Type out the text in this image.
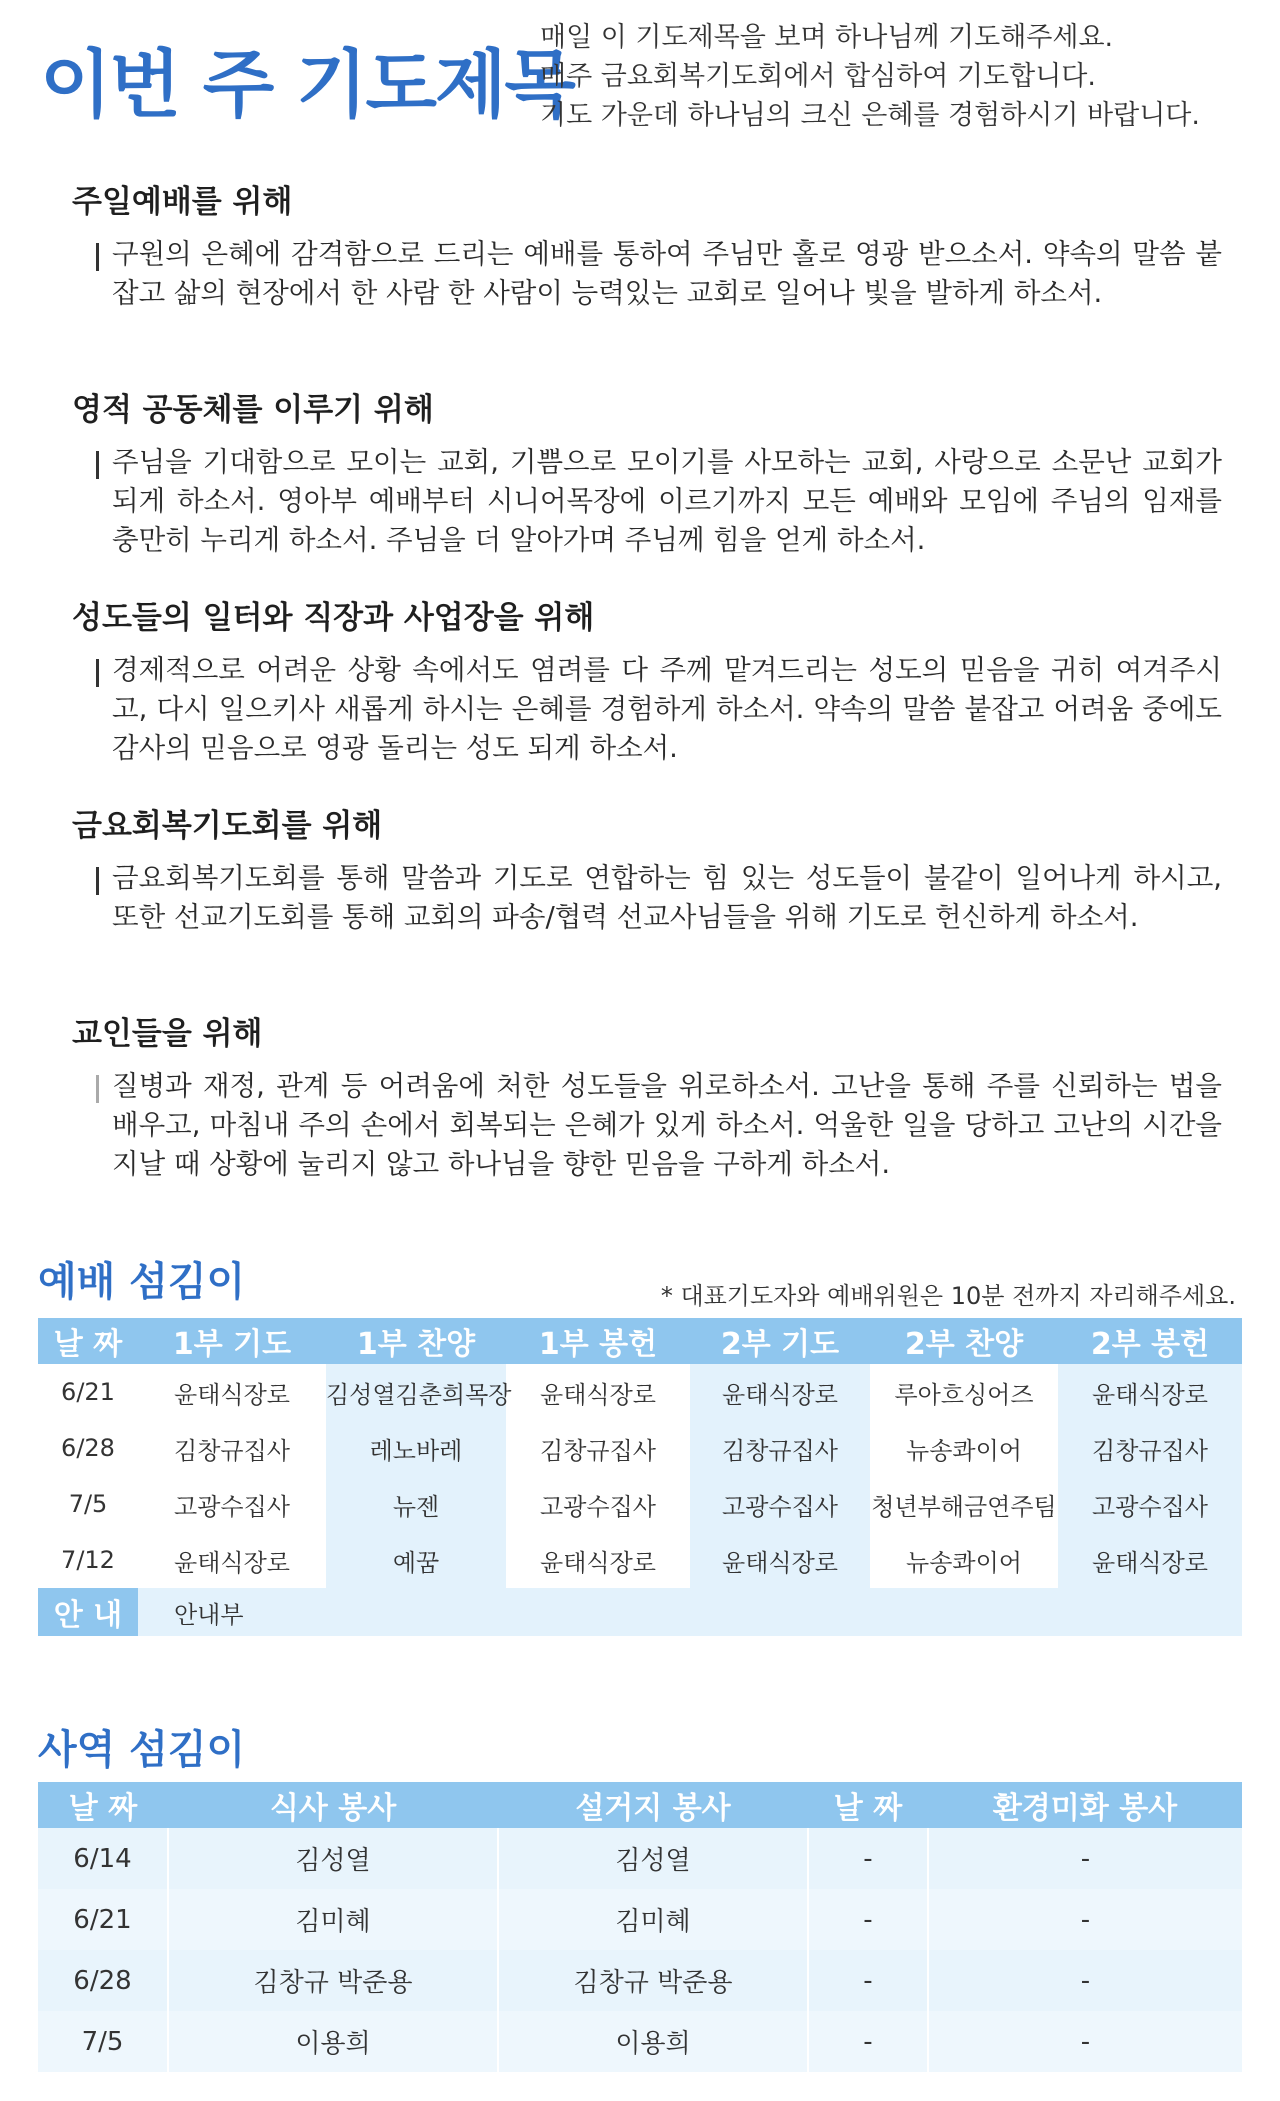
이번 주 기도제목
매일 이 기도제목을 보며 하나님께 기도해주세요.
매주 금요회복기도회에서 합심하여 기도합니다.
기도 가운데 하나님의 크신 은혜를 경험하시기 바랍니다.
주일예배를 위해
구원의 은혜에 감격함으로 드리는 예배를 통하여 주님만 홀로 영광 받으소서. 약속의 말씀 붙잡고 삶의 현장에서 한 사람 한 사람이 능력있는 교회로 일어나 빛을 발하게 하소서.
영적 공동체를 이루기 위해
주님을 기대함으로 모이는 교회, 기쁨으로 모이기를 사모하는 교회, 사랑으로 소문난 교회가 되게 하소서. 영아부 예배부터 시니어목장에 이르기까지 모든 예배와 모임에 주님의 임재를 충만히 누리게 하소서. 주님을 더 알아가며 주님께 힘을 얻게 하소서.
성도들의 일터와 직장과 사업장을 위해
경제적으로 어려운 상황 속에서도 염려를 다 주께 맡겨드리는 성도의 믿음을 귀히 여겨주시고, 다시 일으키사 새롭게 하시는 은혜를 경험하게 하소서. 약속의 말씀 붙잡고 어려움 중에도 감사의 믿음으로 영광 돌리는 성도 되게 하소서.
금요회복기도회를 위해
금요회복기도회를 통해 말씀과 기도로 연합하는 힘 있는 성도들이 불같이 일어나게 하시고, 또한 선교기도회를 통해 교회의 파송/협력 선교사님들을 위해 기도로 헌신하게 하소서.
교인들을 위해
질병과 재정, 관계 등 어려움에 처한 성도들을 위로하소서. 고난을 통해 주를 신뢰하는 법을 배우고, 마침내 주의 손에서 회복되는 은혜가 있게 하소서. 억울한 일을 당하고 고난의 시간을 지날 때 상황에 눌리지 않고 하나님을 향한 믿음을 구하게 하소서.
예배 섬김이	* 대표기도자와 예배위원은 10분 전까지 자리해주세요.
날 짜	1부 기도	1부 찬양	1부 봉헌	2부 기도	2부 찬양	2부 봉헌
6/21	윤태식장로	김성열김춘희목장	윤태식장로	윤태식장로	루아흐싱어즈	윤태식장로
6/28	김창규집사	레노바레	김창규집사	김창규집사	뉴송콰이어	김창규집사
7/5	고광수집사	뉴젠	고광수집사	고광수집사	청년부해금연주팀	고광수집사
7/12	윤태식장로	예꿈	윤태식장로	윤태식장로	뉴송콰이어	윤태식장로
안 내	안내부					
사역 섬김이
날 짜	식사 봉사	설거지 봉사	날 짜	환경미화 봉사
6/14	김성열	김성열	-	-
6/21	김미혜	김미혜	-	-
6/28	김창규 박준용	김창규 박준용	-	-
7/5	이용희	이용희	-	-
